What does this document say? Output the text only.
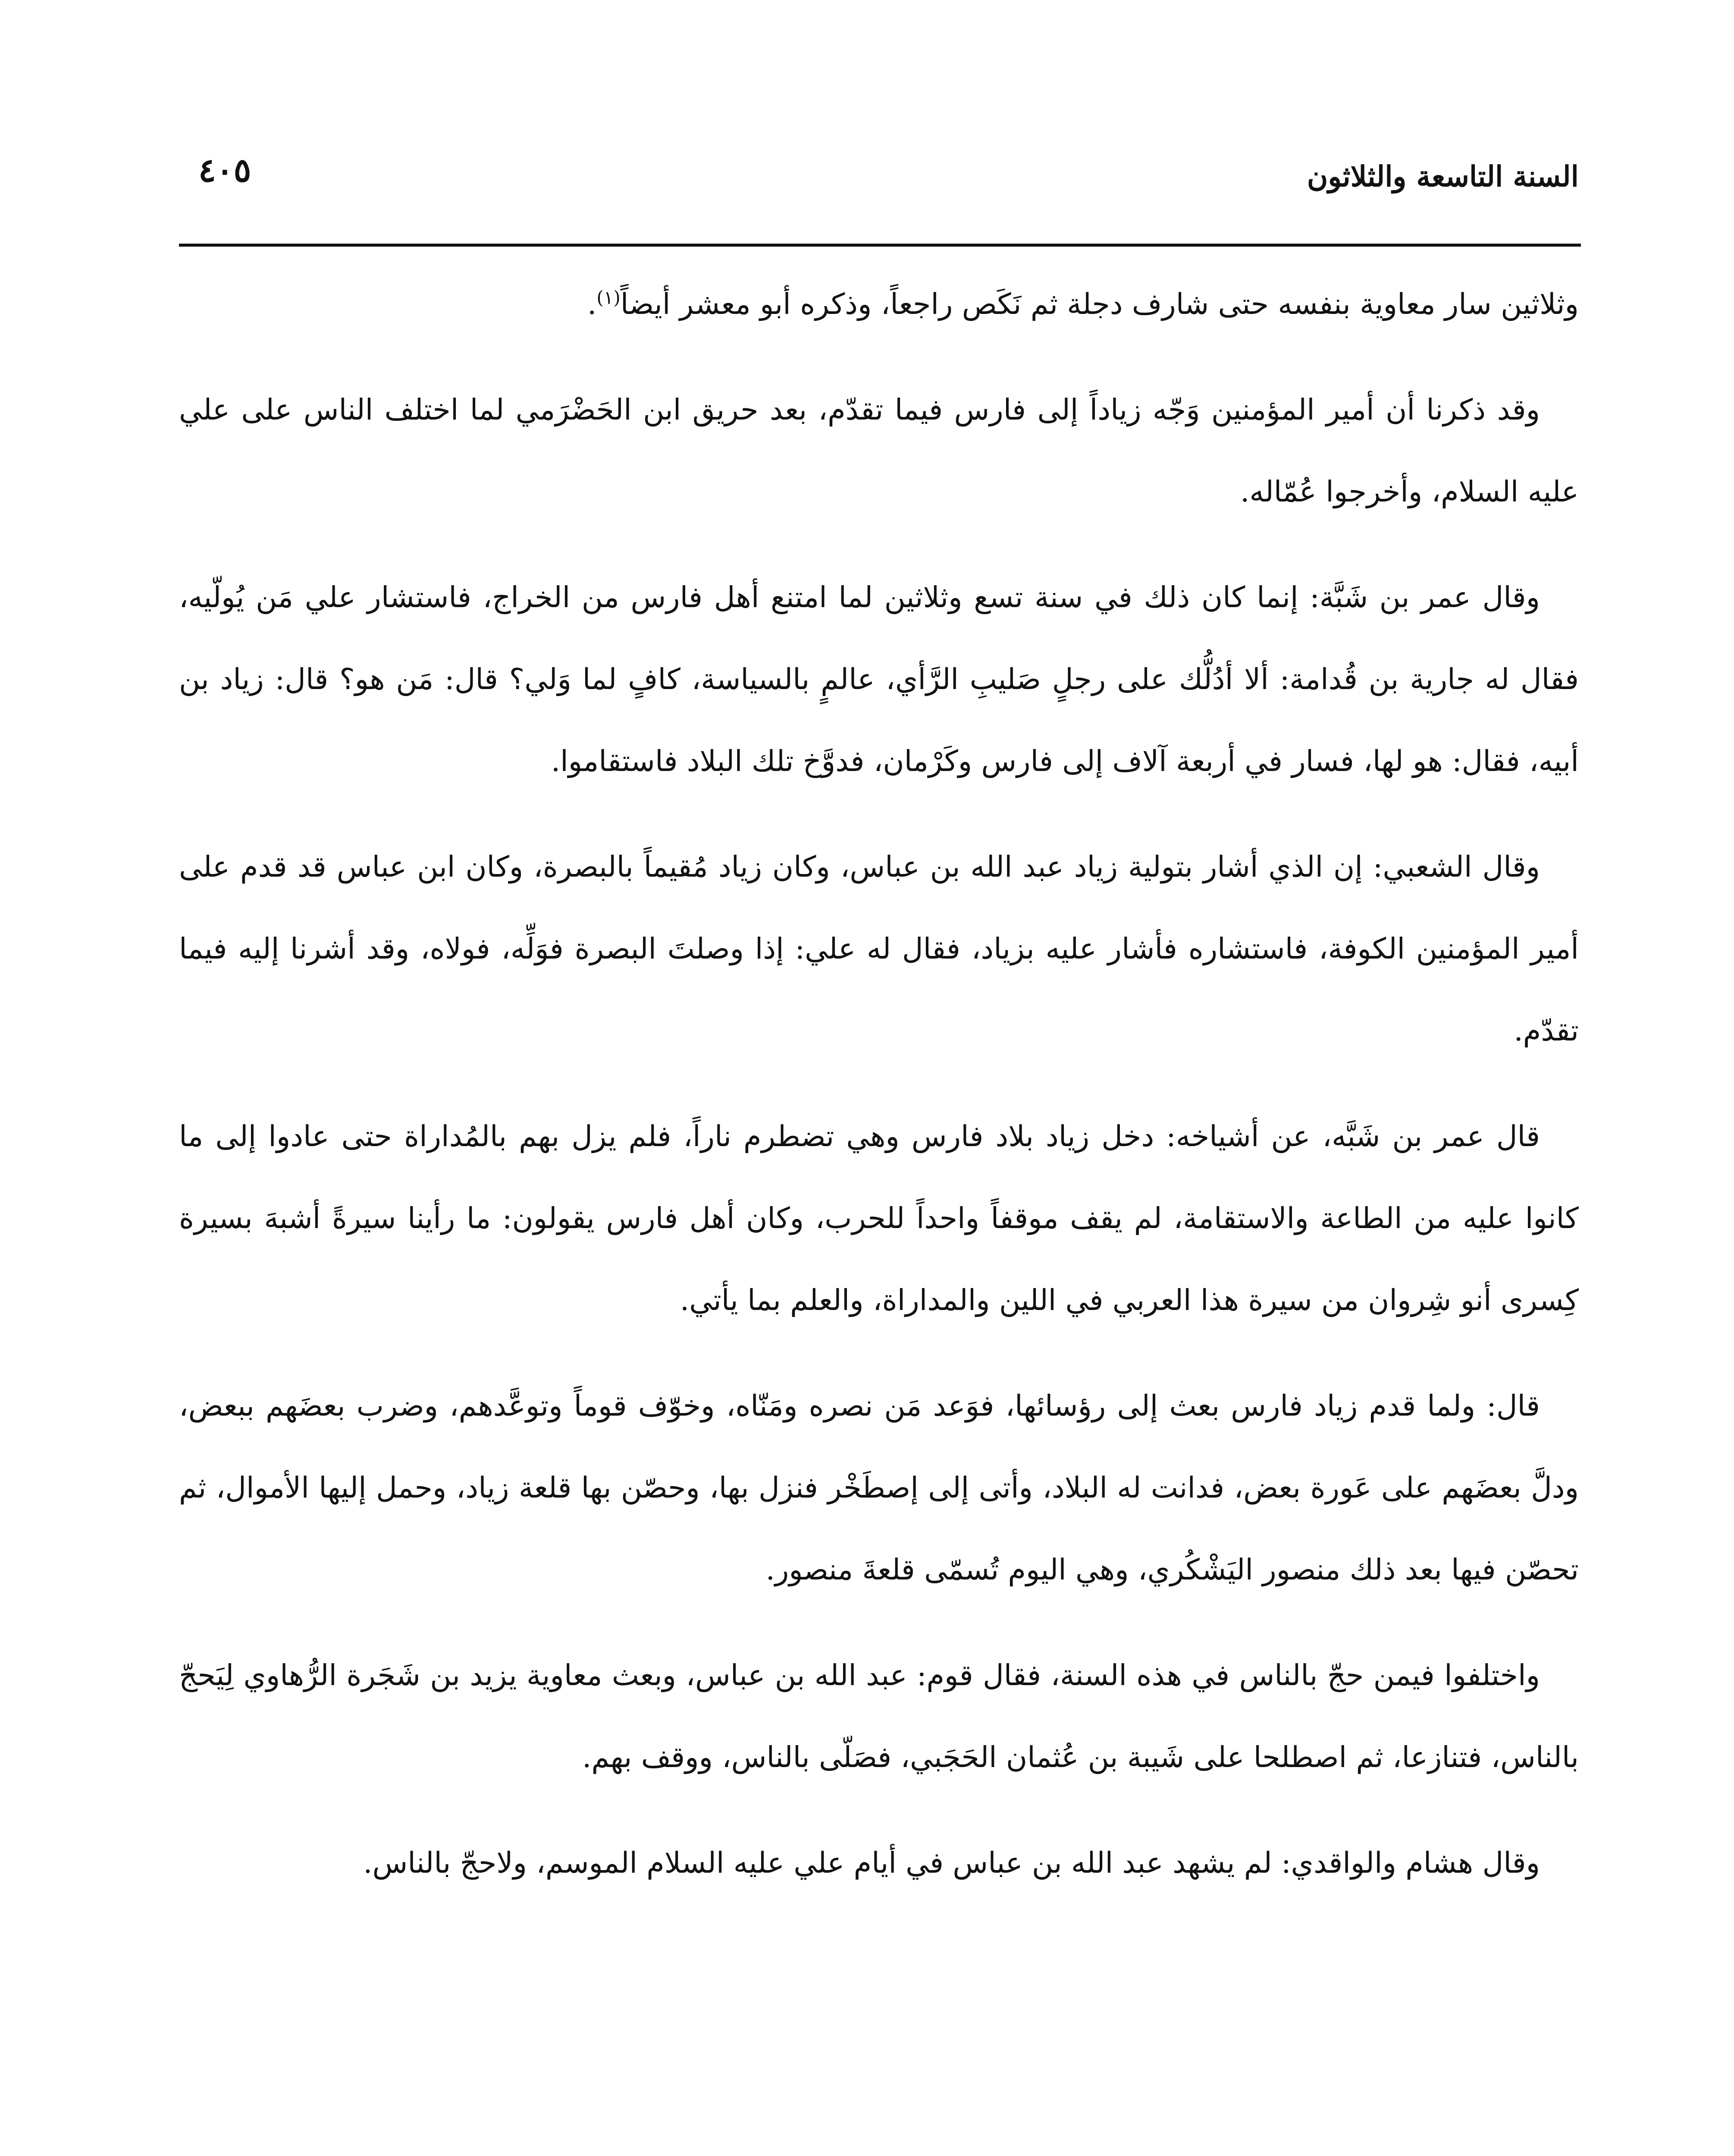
السنة التاسعة والثلاثون
٤٠٥

وثلاثين سار معاوية بنفسه حتى شارف دجلة ثم نَكَص راجعاً، وذكره أبو معشر أيضاً$^{(١)}$.

وقد ذكرنا أن أمير المؤمنين وَجّه زياداً إلى فارس فيما تقدّم، بعد حريق ابن الحَضْرَمي لما اختلف الناس على علي عليه السلام، وأخرجوا عُمّاله.

وقال عمر بن شَبَّة: إنما كان ذلك في سنة تسع وثلاثين لما امتنع أهل فارس من الخراج، فاستشار علي مَن يُولّيه، فقال له جارية بن قُدامة: ألا أدُلُّك على رجلٍ صَليبِ الرَّأي، عالمٍ بالسياسة، كافٍ لما وَلي؟ قال: مَن هو؟ قال: زياد بن أبيه، فقال: هو لها، فسار في أربعة آلاف إلى فارس وكَرْمان، فدوَّخ تلك البلاد فاستقاموا.

وقال الشعبي: إن الذي أشار بتولية زياد عبد الله بن عباس، وكان زياد مُقيماً بالبصرة، وكان ابن عباس قد قدم على أمير المؤمنين الكوفة، فاستشاره فأشار عليه بزياد، فقال له علي: إذا وصلتَ البصرة فوَلِّه، فولاه، وقد أشرنا إليه فيما تقدّم.

قال عمر بن شَبَّه، عن أشياخه: دخل زياد بلاد فارس وهي تضطرم ناراً، فلم يزل بهم بالمُداراة حتى عادوا إلى ما كانوا عليه من الطاعة والاستقامة، لم يقف موقفاً واحداً للحرب، وكان أهل فارس يقولون: ما رأينا سيرةً أشبهَ بسيرة كِسرى أنو شِروان من سيرة هذا العربي في اللين والمداراة، والعلم بما يأتي.

قال: ولما قدم زياد فارس بعث إلى رؤسائها، فوَعد مَن نصره ومَنّاه، وخوّف قوماً وتوعَّدهم، وضرب بعضَهم ببعض، ودلَّ بعضَهم على عَورة بعض، فدانت له البلاد، وأتى إلى إصطَخْر فنزل بها، وحصّن بها قلعة زياد، وحمل إليها الأموال، ثم تحصّن فيها بعد ذلك منصور اليَشْكُري، وهي اليوم تُسمّى قلعةَ منصور.

واختلفوا فيمن حجّ بالناس في هذه السنة، فقال قوم: عبد الله بن عباس، وبعث معاوية يزيد بن شَجَرة الرُّهاوي لِيَحجّ بالناس، فتنازعا، ثم اصطلحا على شَيبة بن عُثمان الحَجَبي، فصَلّى بالناس، ووقف بهم.

وقال هشام والواقدي: لم يشهد عبد الله بن عباس في أيام علي عليه السلام الموسم، ولاحجّ بالناس.
